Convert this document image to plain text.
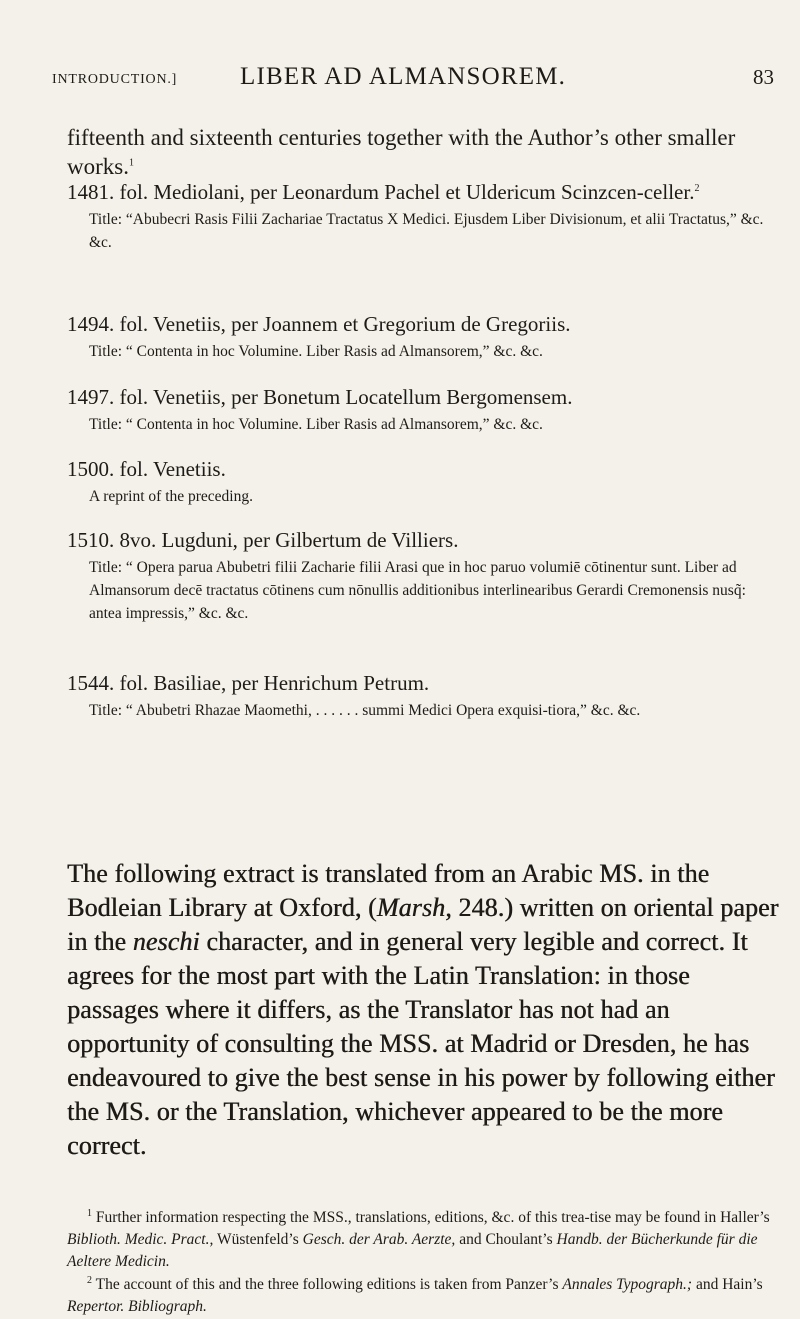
INTRODUCTION.]	LIBER AD ALMANSOREM.	83

fifteenth and sixteenth centuries together with the Author’s other smaller works.$^1$

1481. fol. Mediolani, per Leonardum Pachel et Uldericum Scinzcen-celler.$^2$

Title: “Abubecri Rasis Filii Zachariae Tractatus X Medici. Ejusdem Liber Divisionum, et alii Tractatus,” &c. &c.

1494. fol. Venetiis, per Joannem et Gregorium de Gregoriis.

Title: “ Contenta in hoc Volumine. Liber Rasis ad Almansorem,” &c. &c.

1497. fol. Venetiis, per Bonetum Locatellum Bergomensem.

Title: “ Contenta in hoc Volumine. Liber Rasis ad Almansorem,” &c. &c.

1500. fol. Venetiis.

A reprint of the preceding.

1510. 8vo. Lugduni, per Gilbertum de Villiers.

Title: “ Opera parua Abubetri filii Zacharie filii Arasi que in hoc paruo volumiē cōtinentur sunt. Liber ad Almansorum decē tractatus cōtinens cum nōnullis additionibus interlinearibus Gerardi Cremonensis nusq̃: antea impressis,” &c. &c.

1544. fol. Basiliae, per Henrichum Petrum.

Title: “ Abubetri Rhazae Maomethi, . . . . . . summi Medici Opera exquisi-tiora,” &c. &c.

The following extract is translated from an Arabic MS. in the Bodleian Library at Oxford, (Marsh, 248.) written on oriental paper in the neschi character, and in general very legible and correct. It agrees for the most part with the Latin Translation: in those passages where it differs, as the Translator has not had an opportunity of consulting the MSS. at Madrid or Dresden, he has endeavoured to give the best sense in his power by following either the MS. or the Translation, whichever appeared to be the more correct.

$^1$ Further information respecting the MSS., translations, editions, &c. of this trea-tise may be found in Haller’s Biblioth. Medic. Pract., Wüstenfeld’s Gesch. der Arab. Aerzte, and Choulant’s Handb. der Bücherkunde für die Aeltere Medicin.

$^2$ The account of this and the three following editions is taken from Panzer’s Annales Typograph.; and Hain’s Repertor. Bibliograph.
